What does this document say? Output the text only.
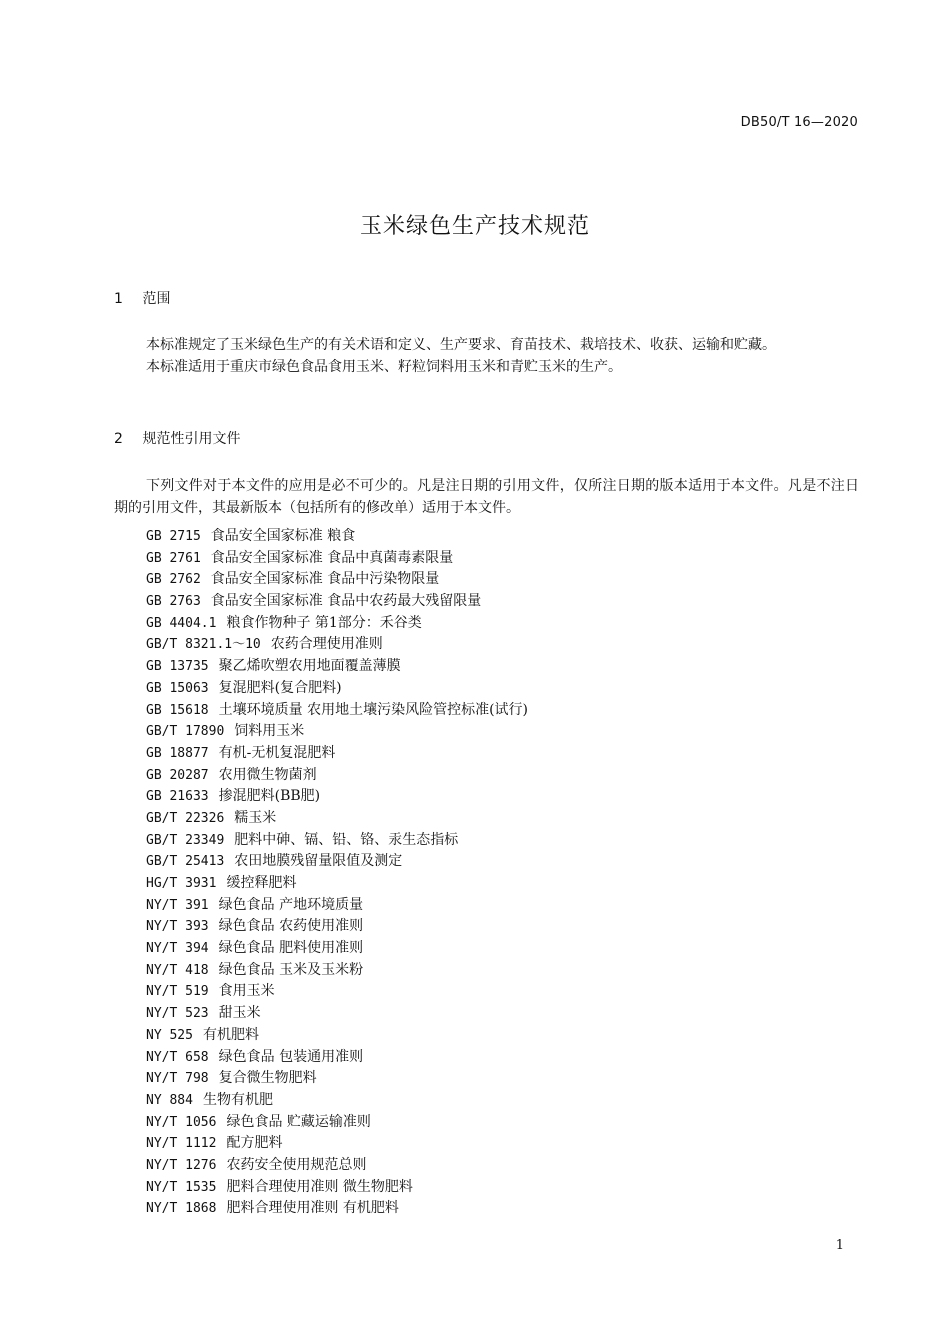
DB50/T 16—2020
玉米绿色生产技术规范
1 范围

本标准规定了玉米绿色生产的有关术语和定义、生产要求、育苗技术、栽培技术、收获、运输和贮藏。

本标准适用于重庆市绿色食品食用玉米、籽粒饲料用玉米和青贮玉米的生产。

2 规范性引用文件

下列文件对于本文件的应用是必不可少的。凡是注日期的引用文件，仅所注日期的版本适用于本文件。凡是不注日期的引用文件，其最新版本（包括所有的修改单）适用于本文件。

GB 2715 食品安全国家标准 粮食
GB 2761 食品安全国家标准 食品中真菌毒素限量
GB 2762 食品安全国家标准 食品中污染物限量
GB 2763 食品安全国家标准 食品中农药最大残留限量
GB 4404.1 粮食作物种子 第1部分：禾谷类
GB/T 8321.1～10 农药合理使用准则
GB 13735 聚乙烯吹塑农用地面覆盖薄膜
GB 15063 复混肥料(复合肥料)
GB 15618 土壤环境质量 农用地土壤污染风险管控标准(试行)
GB/T 17890 饲料用玉米
GB 18877 有机-无机复混肥料
GB 20287 农用微生物菌剂
GB 21633 掺混肥料(BB肥)
GB/T 22326 糯玉米
GB/T 23349 肥料中砷、镉、铅、铬、汞生态指标
GB/T 25413 农田地膜残留量限值及测定
HG/T 3931 缓控释肥料
NY/T 391 绿色食品 产地环境质量
NY/T 393 绿色食品 农药使用准则
NY/T 394 绿色食品 肥料使用准则
NY/T 418 绿色食品 玉米及玉米粉
NY/T 519 食用玉米
NY/T 523 甜玉米
NY 525 有机肥料
NY/T 658 绿色食品 包装通用准则
NY/T 798 复合微生物肥料
NY 884 生物有机肥
NY/T 1056 绿色食品 贮藏运输准则
NY/T 1112 配方肥料
NY/T 1276 农药安全使用规范总则
NY/T 1535 肥料合理使用准则 微生物肥料
NY/T 1868 肥料合理使用准则 有机肥料
1
